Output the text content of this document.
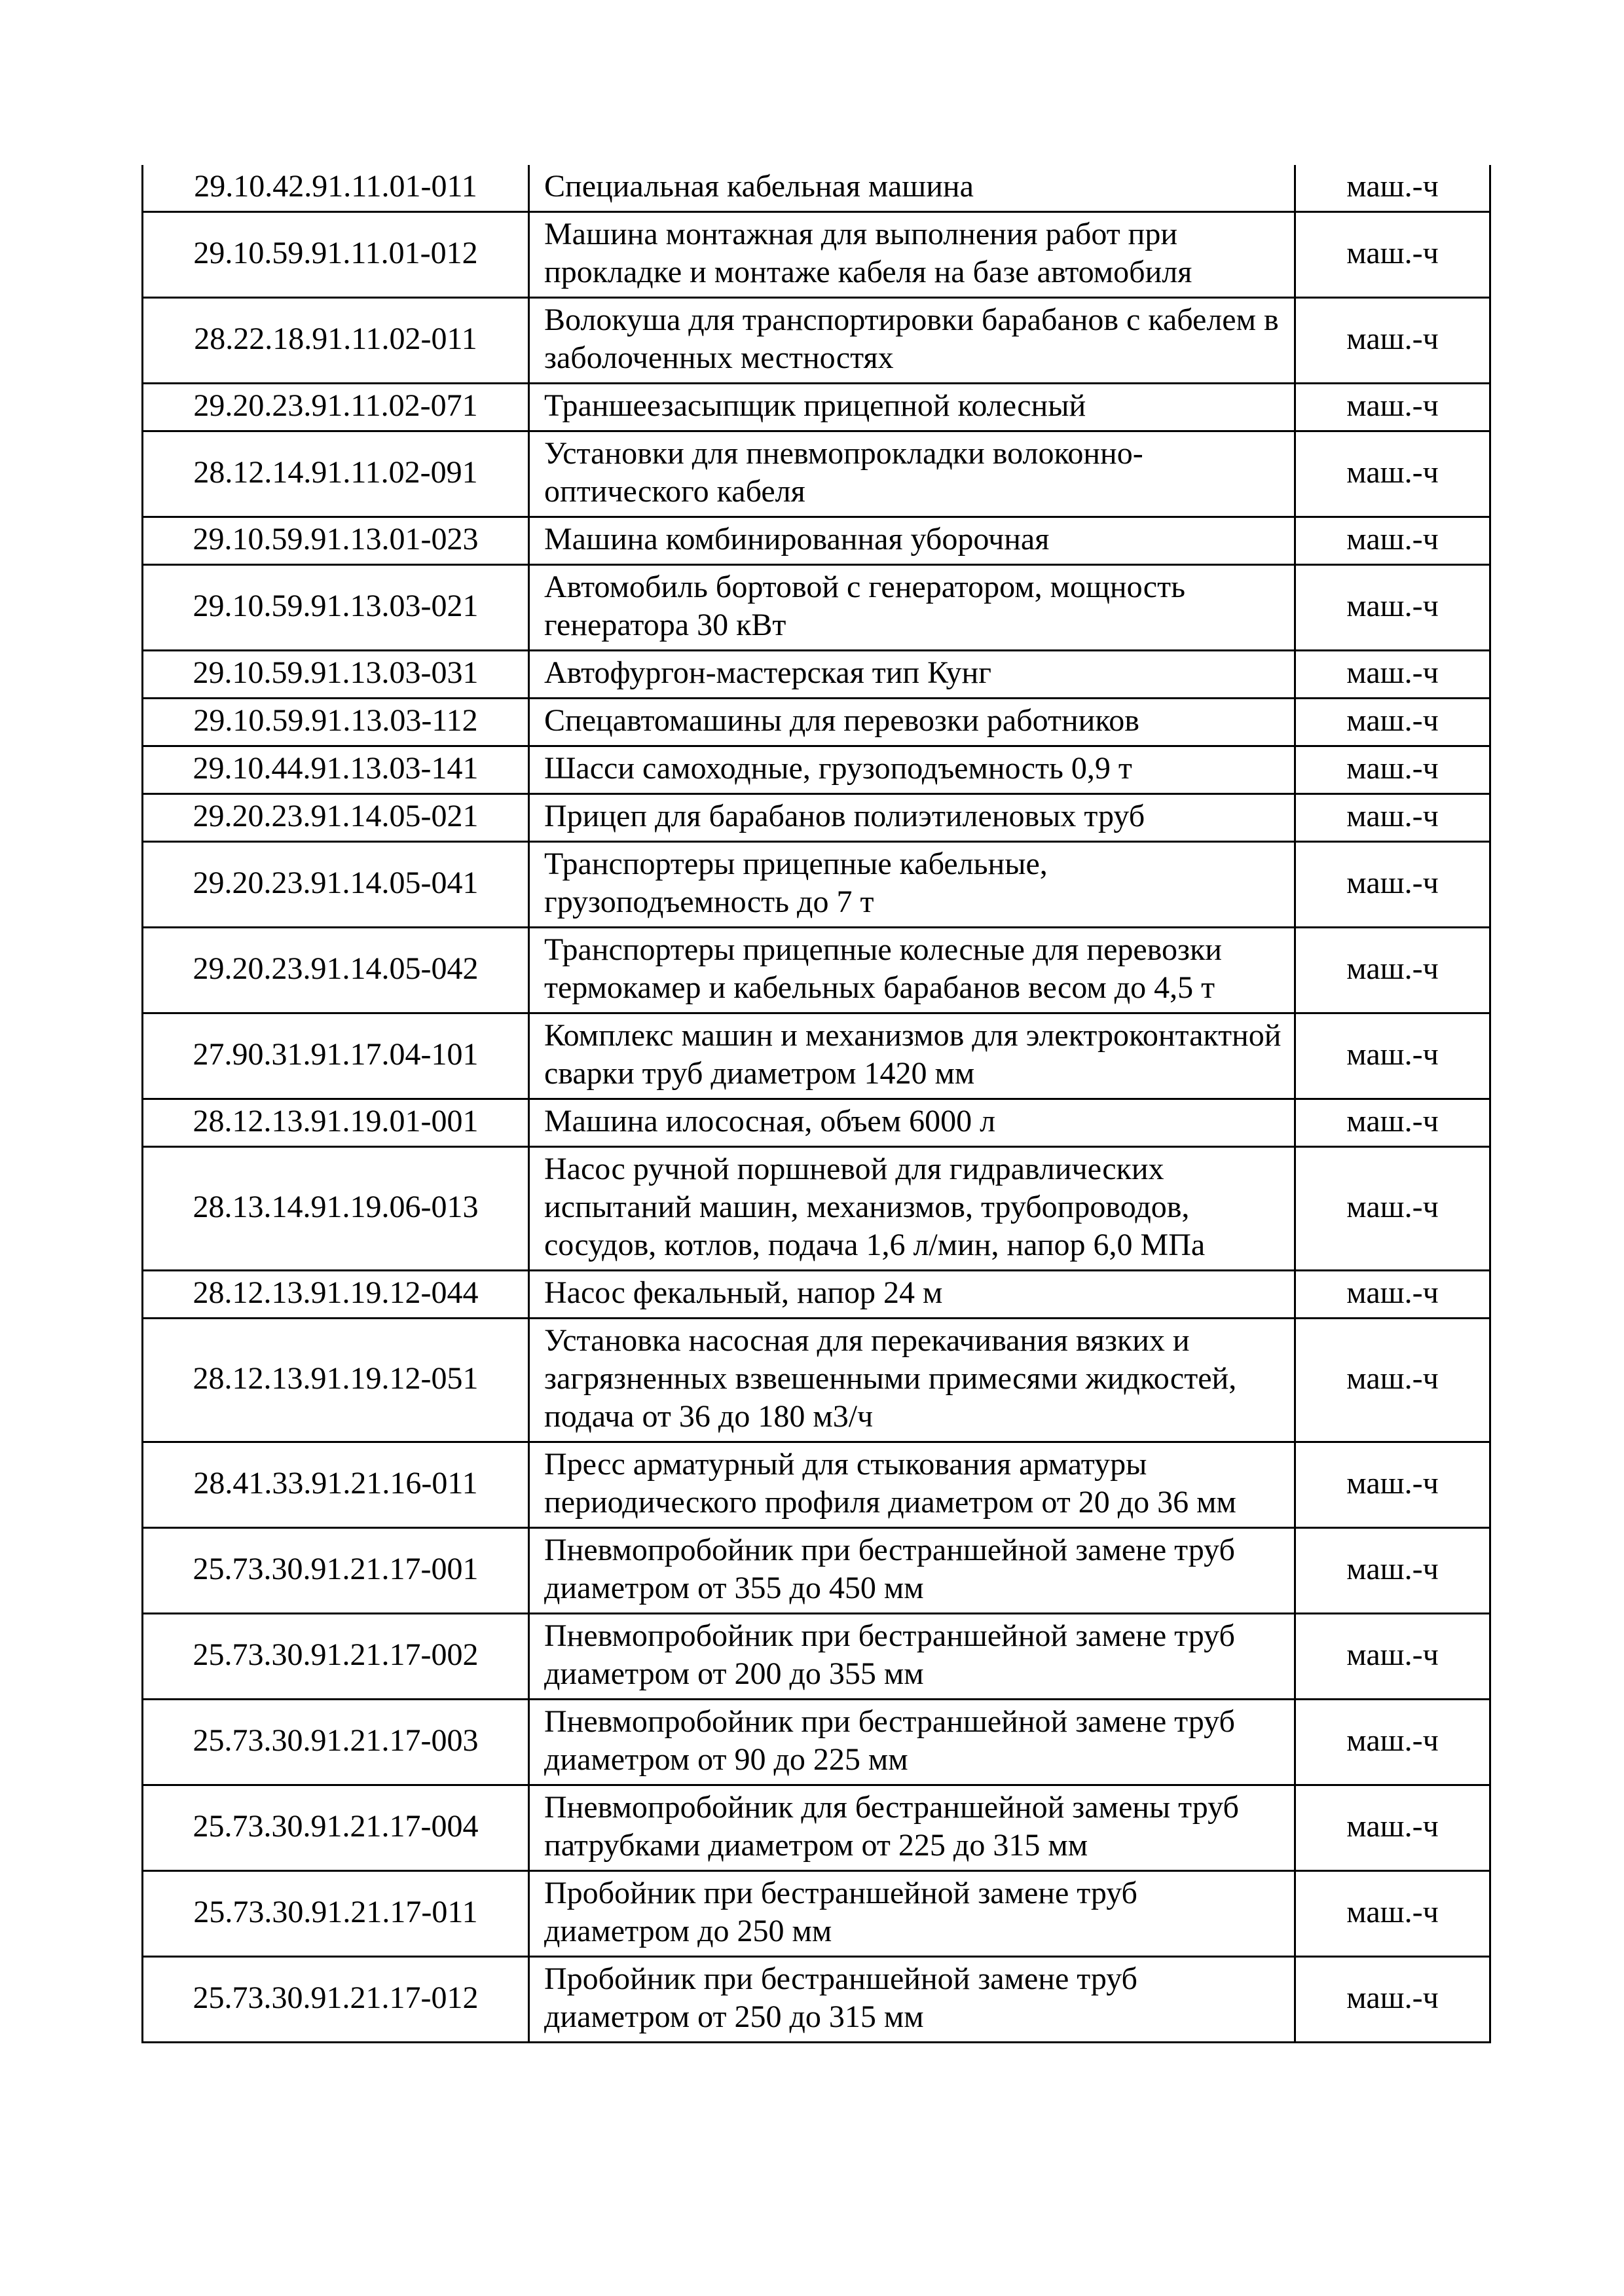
29.10.42.91.11.01-011	Специальная кабельная машина	маш.-ч
29.10.59.91.11.01-012	Машина монтажная для выполнения работ при прокладке и монтаже кабеля на базе автомобиля	маш.-ч
28.22.18.91.11.02-011	Волокуша для транспортировки барабанов с кабелем в заболоченных местностях	маш.-ч
29.20.23.91.11.02-071	Траншеезасыпщик прицепной колесный	маш.-ч
28.12.14.91.11.02-091	Установки для пневмопрокладки волоконно-оптического кабеля	маш.-ч
29.10.59.91.13.01-023	Машина комбинированная уборочная	маш.-ч
29.10.59.91.13.03-021	Автомобиль бортовой с генератором, мощность генератора 30 кВт	маш.-ч
29.10.59.91.13.03-031	Автофургон-мастерская тип Кунг	маш.-ч
29.10.59.91.13.03-112	Спецавтомашины для перевозки работников	маш.-ч
29.10.44.91.13.03-141	Шасси самоходные, грузоподъемность 0,9 т	маш.-ч
29.20.23.91.14.05-021	Прицеп для барабанов полиэтиленовых труб	маш.-ч
29.20.23.91.14.05-041	Транспортеры прицепные кабельные, грузоподъемность до 7 т	маш.-ч
29.20.23.91.14.05-042	Транспортеры прицепные колесные для перевозки термокамер и кабельных барабанов весом до 4,5 т	маш.-ч
27.90.31.91.17.04-101	Комплекс машин и механизмов для электроконтактной сварки труб диаметром 1420 мм	маш.-ч
28.12.13.91.19.01-001	Машина илососная, объем 6000 л	маш.-ч
28.13.14.91.19.06-013	Насос ручной поршневой для гидравлических испытаний машин, механизмов, трубопроводов, сосудов, котлов, подача 1,6 л/мин, напор 6,0 МПа	маш.-ч
28.12.13.91.19.12-044	Насос фекальный, напор 24 м	маш.-ч
28.12.13.91.19.12-051	Установка насосная для перекачивания вязких и загрязненных взвешенными примесями жидкостей, подача от 36 до 180 м3/ч	маш.-ч
28.41.33.91.21.16-011	Пресс арматурный для стыкования арматуры периодического профиля диаметром от 20 до 36 мм	маш.-ч
25.73.30.91.21.17-001	Пневмопробойник при бестраншейной замене труб диаметром от 355 до 450 мм	маш.-ч
25.73.30.91.21.17-002	Пневмопробойник при бестраншейной замене труб диаметром от 200 до 355 мм	маш.-ч
25.73.30.91.21.17-003	Пневмопробойник при бестраншейной замене труб диаметром от 90 до 225 мм	маш.-ч
25.73.30.91.21.17-004	Пневмопробойник для бестраншейной замены труб патрубками диаметром от 225 до 315 мм	маш.-ч
25.73.30.91.21.17-011	Пробойник при бестраншейной замене труб диаметром до 250 мм	маш.-ч
25.73.30.91.21.17-012	Пробойник при бестраншейной замене труб диаметром от 250 до 315 мм	маш.-ч
